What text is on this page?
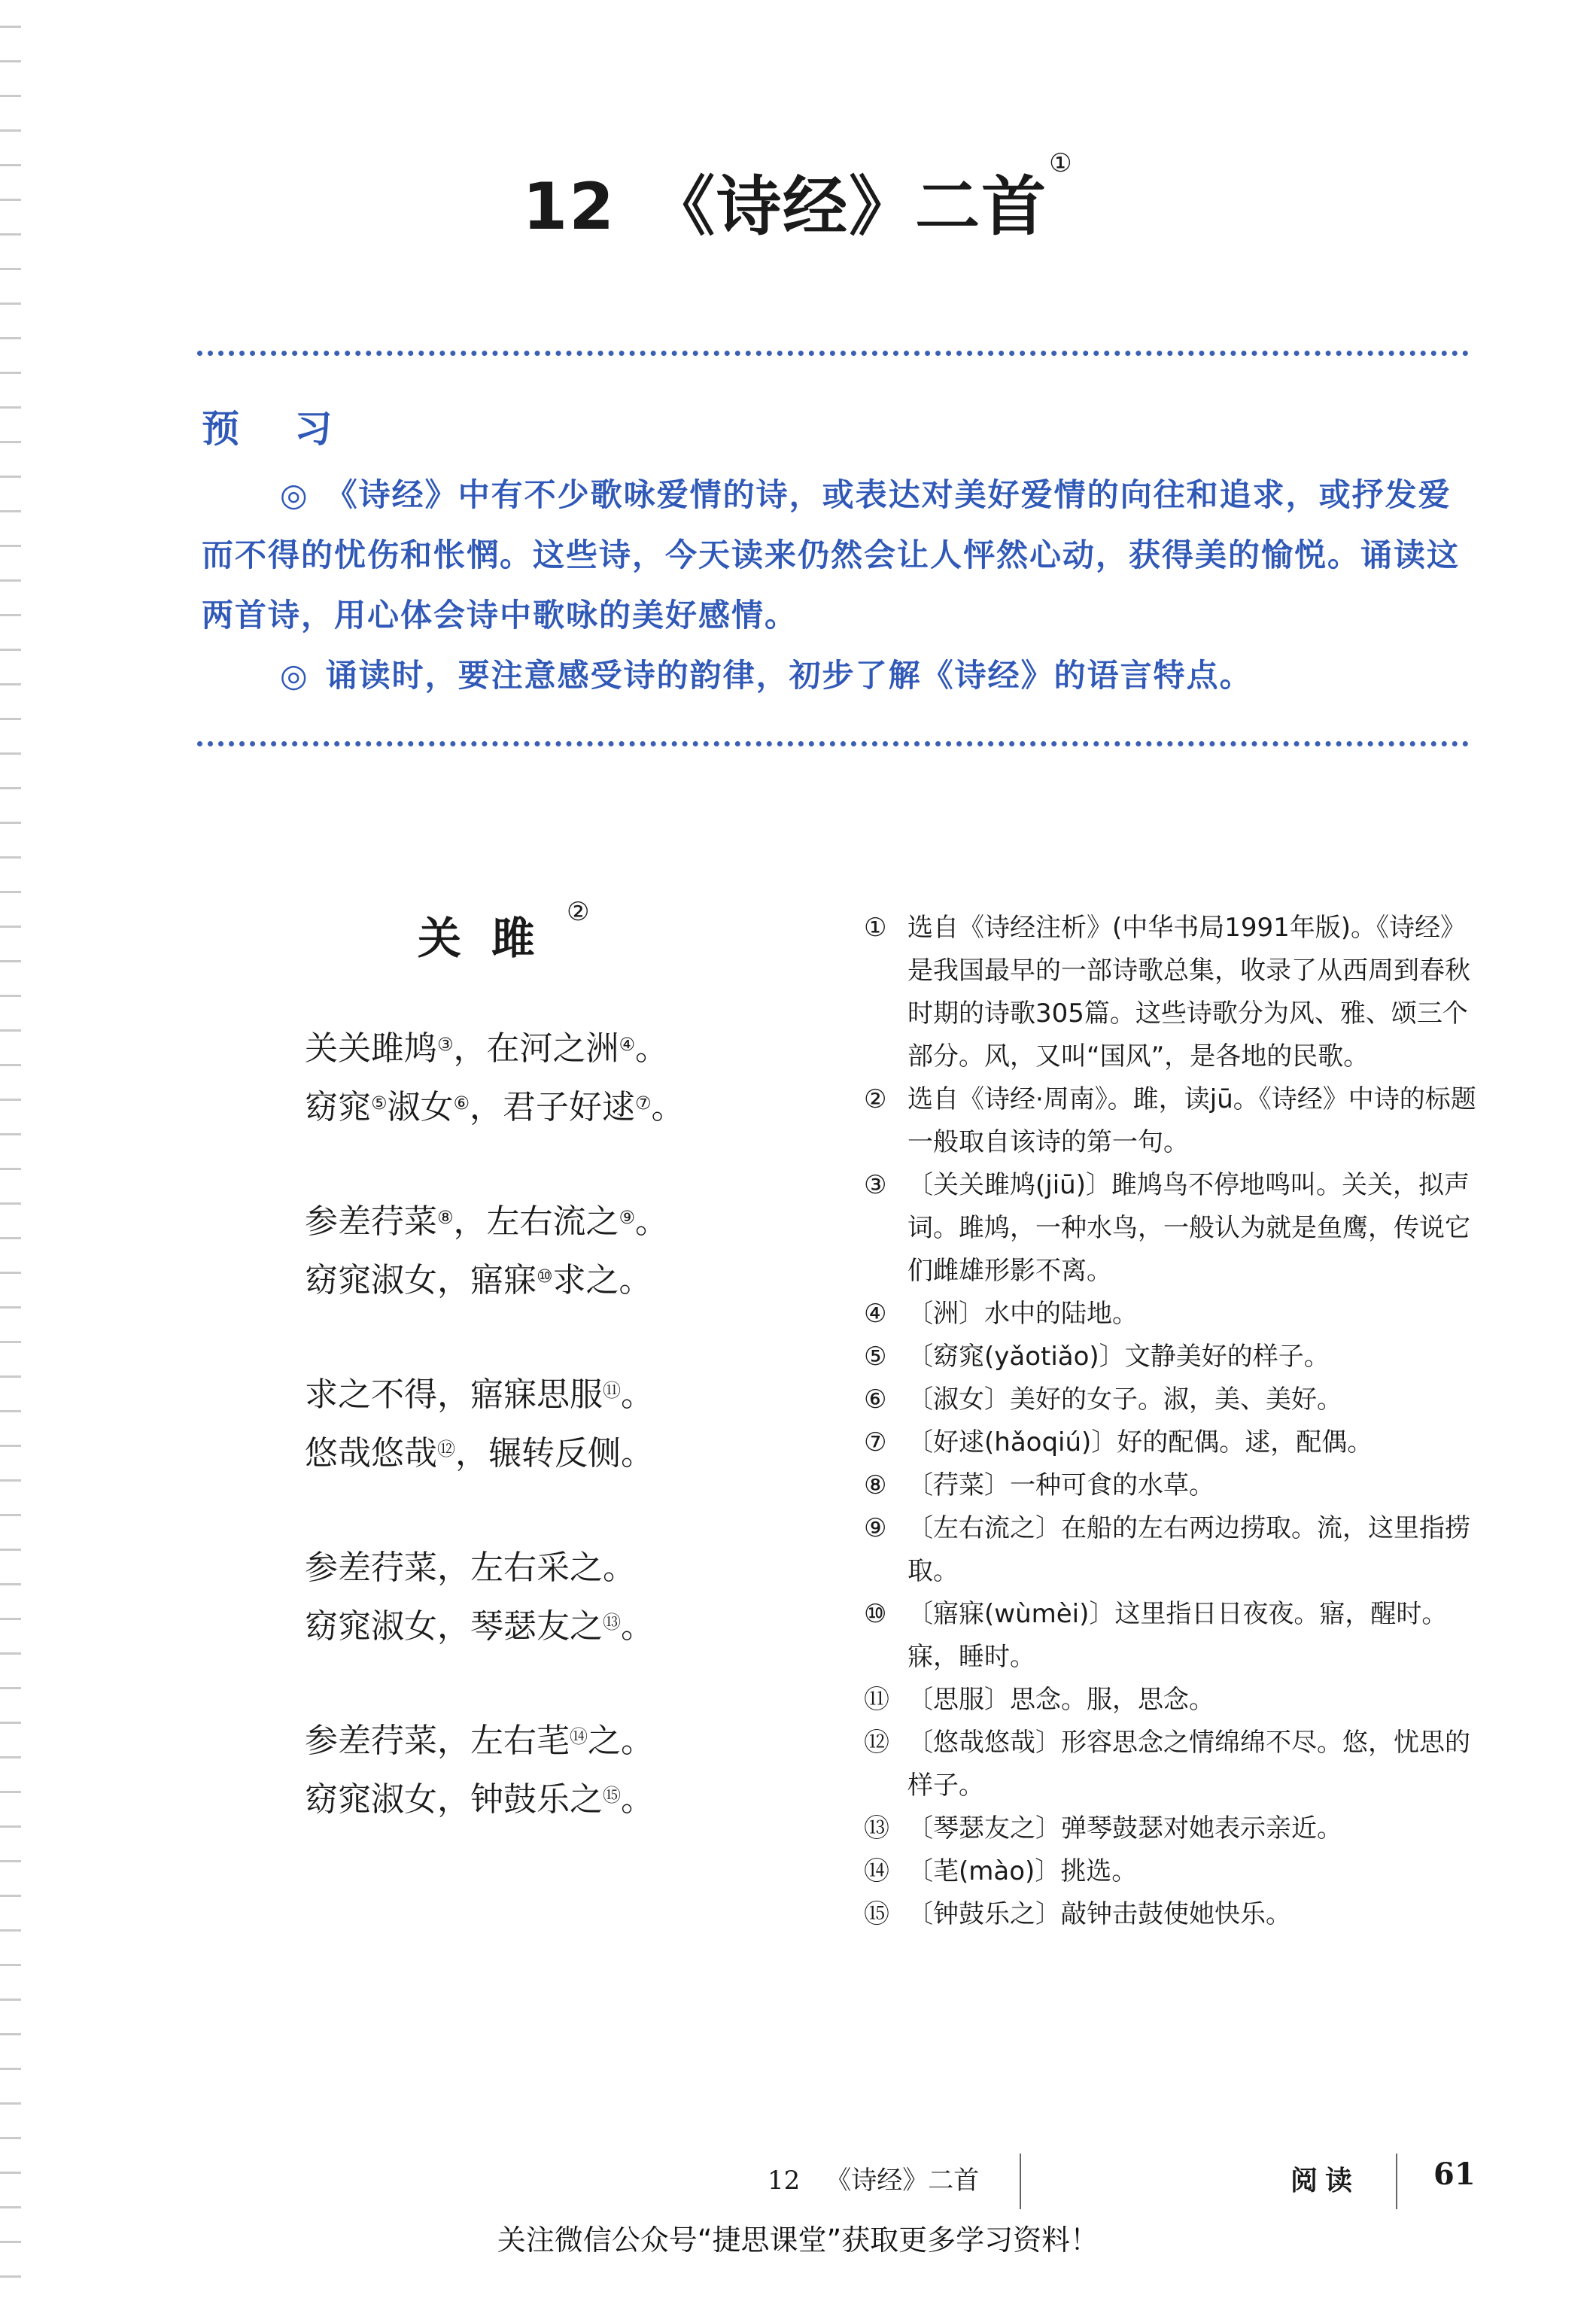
12 《诗经》二首①
预 习

◎ 《诗经》中有不少歌咏爱情的诗，或表达对美好爱情的向往和追求，或抒发爱而不得的忧伤和怅惘。这些诗，今天读来仍然会让人怦然心动，获得美的愉悦。诵读这两首诗，用心体会诗中歌咏的美好感情。

◎ 诵读时，要注意感受诗的韵律，初步了解《诗经》的语言特点。

关雎②
关关雎鸠③，在河之洲④。
窈窕⑤淑女⑥，君子好逑⑦。
参差荇菜⑧，左右流之⑨。
窈窕淑女，寤寐⑩求之。
求之不得，寤寐思服⑪。
悠哉悠哉⑫，辗转反侧。
参差荇菜，左右采之。
窈窕淑女，琴瑟友之⑬。
参差荇菜，左右芼⑭之。
窈窕淑女，钟鼓乐之⑮。
① 选自《诗经注析》(中华书局1991年版)。《诗经》是我国最早的一部诗歌总集，收录了从西周到春秋时期的诗歌305篇。这些诗歌分为风、雅、颂三个部分。风，又叫“国风”，是各地的民歌。
② 选自《诗经·周南》。雎，读jū。《诗经》中诗的标题一般取自该诗的第一句。
③ 〔关关雎鸠(jiū)〕雎鸠鸟不停地鸣叫。关关，拟声词。雎鸠，一种水鸟，一般认为就是鱼鹰，传说它们雌雄形影不离。
④ 〔洲〕水中的陆地。
⑤ 〔窈窕(yǎotiǎo)〕文静美好的样子。
⑥ 〔淑女〕美好的女子。淑，美、美好。
⑦ 〔好逑(hǎoqiú)〕好的配偶。逑，配偶。
⑧ 〔荇菜〕一种可食的水草。
⑨ 〔左右流之〕在船的左右两边捞取。流，这里指捞取。
⑩ 〔寤寐(wùmèi)〕这里指日日夜夜。寤，醒时。寐，睡时。
⑪ 〔思服〕思念。服，思念。
⑫ 〔悠哉悠哉〕形容思念之情绵绵不尽。悠，忧思的样子。
⑬ 〔琴瑟友之〕弹琴鼓瑟对她表示亲近。
⑭ 〔芼(mào)〕挑选。
⑮ 〔钟鼓乐之〕敲钟击鼓使她快乐。
12 《诗经》二首	阅读 61
关注微信公众号“捷思课堂”获取更多学习资料！
